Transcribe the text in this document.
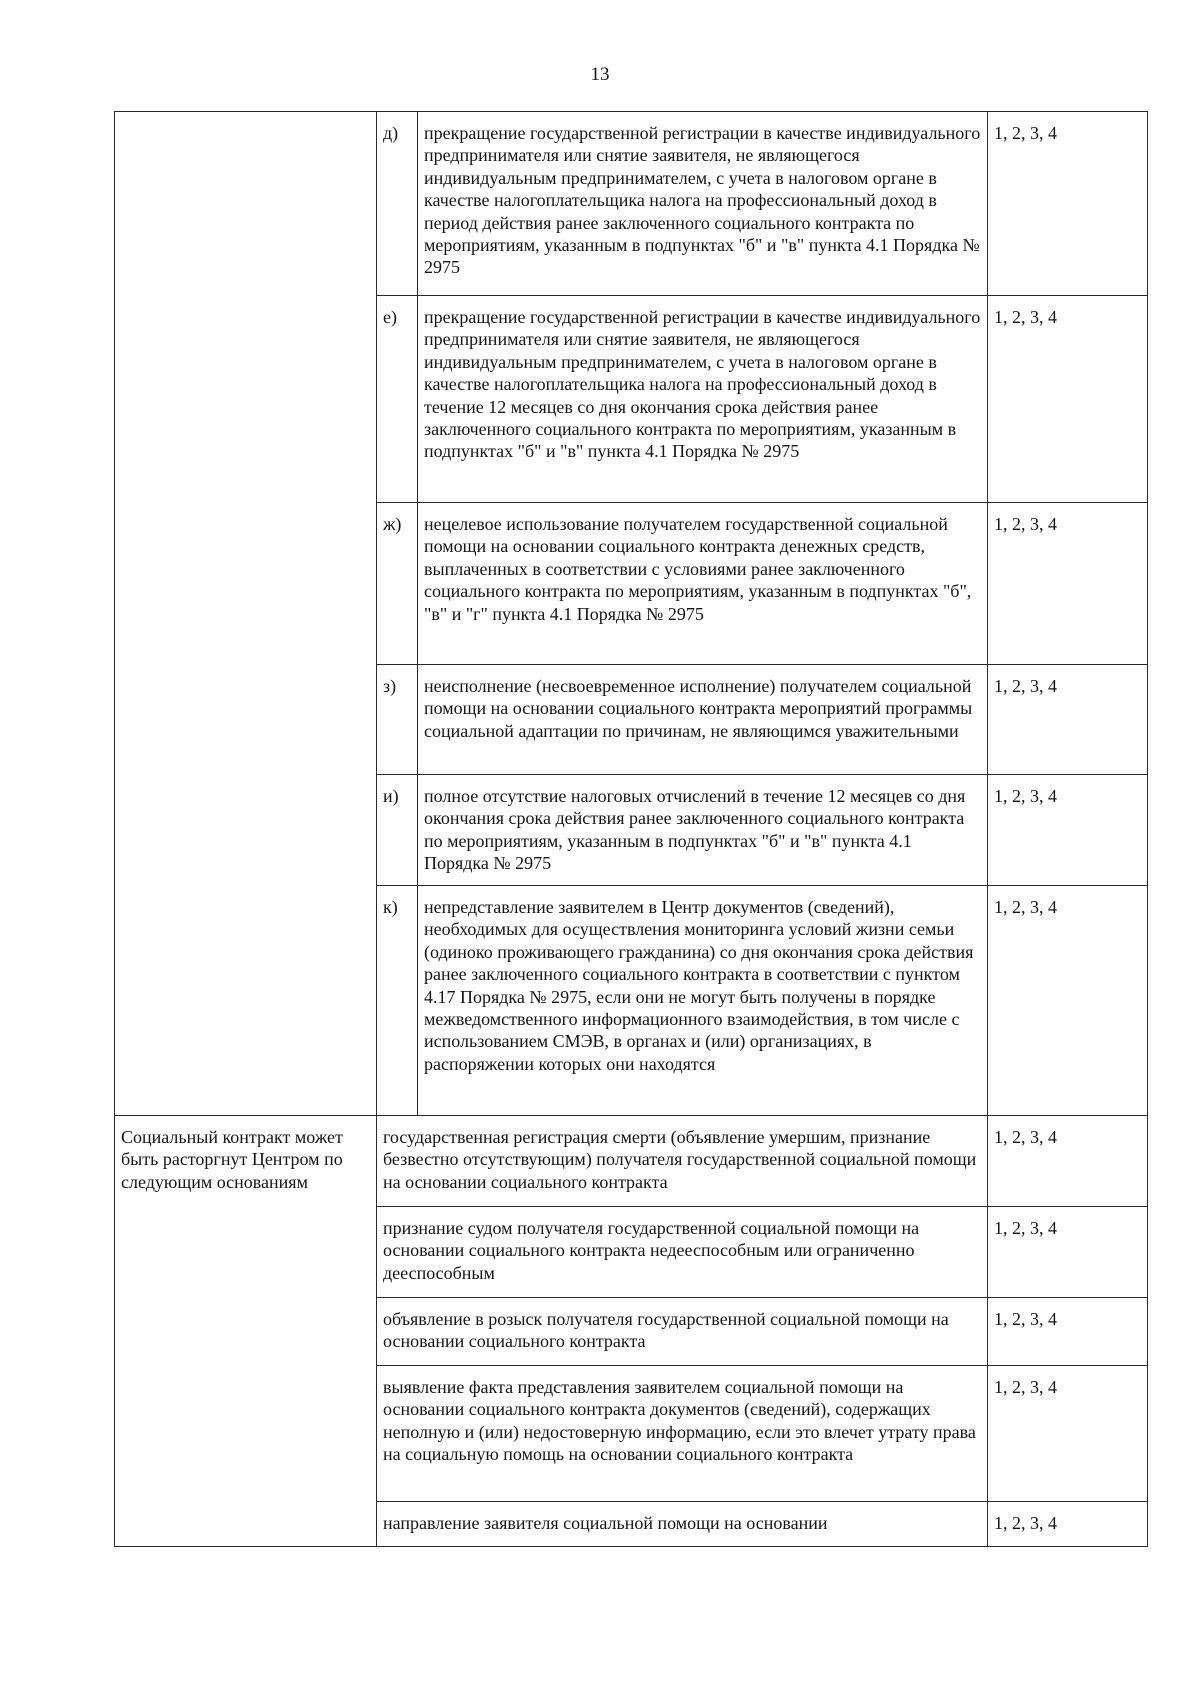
13
	д)	прекращение государственной регистрации в качестве индивидуального предпринимателя или снятие заявителя, не являющегося индивидуальным предпринимателем, с учета в налоговом органе в качестве налогоплательщика налога на профессиональный доход в период действия ранее заключенного социального контракта по мероприятиям, указанным в подпунктах "б" и "в" пункта 4.1 Порядка № 2975	1, 2, 3, 4
	е)	прекращение государственной регистрации в качестве индивидуального предпринимателя или снятие заявителя, не являющегося индивидуальным предпринимателем, с учета в налоговом органе в качестве налогоплательщика налога на профессиональный доход в течение 12 месяцев со дня окончания срока действия ранее заключенного социального контракта по мероприятиям, указанным в подпунктах "б" и "в" пункта 4.1 Порядка № 2975	1, 2, 3, 4
	ж)	нецелевое использование получателем государственной социальной помощи на основании социального контракта денежных средств, выплаченных в соответствии с условиями ранее заключенного социального контракта по мероприятиям, указанным в подпунктах "б", "в" и "г" пункта 4.1 Порядка № 2975	1, 2, 3, 4
	з)	неисполнение (несвоевременное исполнение) получателем социальной помощи на основании социального контракта мероприятий программы социальной адаптации по причинам, не являющимся уважительными	1, 2, 3, 4
	и)	полное отсутствие налоговых отчислений в течение 12 месяцев со дня окончания срока действия ранее заключенного социального контракта по мероприятиям, указанным в подпунктах "б" и "в" пункта 4.1 Порядка № 2975	1, 2, 3, 4
	к)	непредставление заявителем в Центр документов (сведений), необходимых для осуществления мониторинга условий жизни семьи (одиноко проживающего гражданина) со дня окончания срока действия ранее заключенного социального контракта в соответствии с пунктом 4.17 Порядка № 2975, если они не могут быть получены в порядке межведомственного информационного взаимодействия, в том числе с использованием СМЭВ, в органах и (или) организациях, в распоряжении которых они находятся	1, 2, 3, 4
Социальный контракт может быть расторгнут Центром по следующим основаниям	государственная регистрация смерти (объявление умершим, признание безвестно отсутствующим) получателя государственной социальной помощи на основании социального контракта		1, 2, 3, 4
	признание судом получателя государственной социальной помощи на основании социального контракта недееспособным или ограниченно дееспособным		1, 2, 3, 4
	объявление в розыск получателя государственной социальной помощи на основании социального контракта		1, 2, 3, 4
	выявление факта представления заявителем социальной помощи на основании социального контракта документов (сведений), содержащих неполную и (или) недостоверную информацию, если это влечет утрату права на социальную помощь на основании социального контракта		1, 2, 3, 4
	направление заявителя социальной помощи на основании		1, 2, 3, 4
